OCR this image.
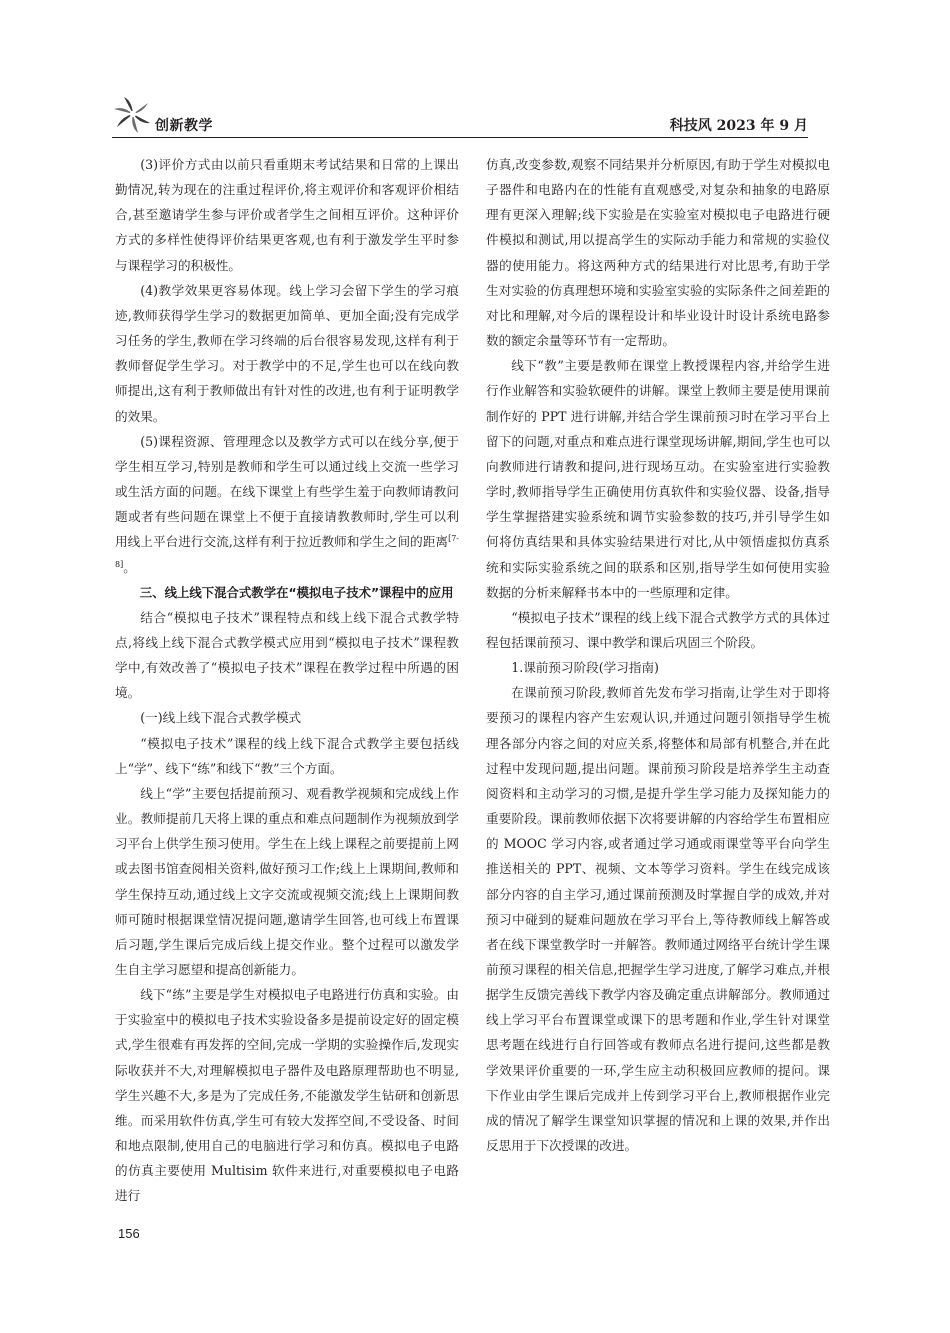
创新教学	科技风 2023 年 9 月

(3)评价方式由以前只看重期末考试结果和日常的上课出勤情况,转为现在的注重过程评价,将主观评价和客观评价相结合,甚至邀请学生参与评价或者学生之间相互评价。这种评价方式的多样性使得评价结果更客观,也有利于激发学生平时参与课程学习的积极性。

(4)教学效果更容易体现。线上学习会留下学生的学习痕迹,教师获得学生学习的数据更加简单、更加全面;没有完成学习任务的学生,教师在学习终端的后台很容易发现,这样有利于教师督促学生学习。对于教学中的不足,学生也可以在线向教师提出,这有利于教师做出有针对性的改进,也有利于证明教学的效果。

(5)课程资源、管理理念以及教学方式可以在线分享,便于学生相互学习,特别是教师和学生可以通过线上交流一些学习或生活方面的问题。在线下课堂上有些学生羞于向教师请教问题或者有些问题在课堂上不便于直接请教教师时,学生可以利用线上平台进行交流,这样有利于拉近教师和学生之间的距离[7-8]。

三、线上线下混合式教学在“模拟电子技术”课程中的应用

结合“模拟电子技术”课程特点和线上线下混合式教学特点,将线上线下混合式教学模式应用到“模拟电子技术”课程教学中,有效改善了“模拟电子技术”课程在教学过程中所遇的困境。

(一)线上线下混合式教学模式

“模拟电子技术”课程的线上线下混合式教学主要包括线上“学”、线下“练”和线下“教”三个方面。

线上“学”主要包括提前预习、观看教学视频和完成线上作业。教师提前几天将上课的重点和难点问题制作为视频放到学习平台上供学生预习使用。学生在上线上课程之前要提前上网或去图书馆查阅相关资料,做好预习工作;线上上课期间,教师和学生保持互动,通过线上文字交流或视频交流;线上上课期间教师可随时根据课堂情况提问题,邀请学生回答,也可线上布置课后习题,学生课后完成后线上提交作业。整个过程可以激发学生自主学习愿望和提高创新能力。

线下“练”主要是学生对模拟电子电路进行仿真和实验。由于实验室中的模拟电子技术实验设备多是提前设定好的固定模式,学生很难有再发挥的空间,完成一学期的实验操作后,发现实际收获并不大,对理解模拟电子器件及电路原理帮助也不明显,学生兴趣不大,多是为了完成任务,不能激发学生钻研和创新思维。而采用软件仿真,学生可有较大发挥空间,不受设备、时间和地点限制,使用自己的电脑进行学习和仿真。模拟电子电路的仿真主要使用 Multisim 软件来进行,对重要模拟电子电路进行

仿真,改变参数,观察不同结果并分析原因,有助于学生对模拟电子器件和电路内在的性能有直观感受,对复杂和抽象的电路原理有更深入理解;线下实验是在实验室对模拟电子电路进行硬件模拟和测试,用以提高学生的实际动手能力和常规的实验仪器的使用能力。将这两种方式的结果进行对比思考,有助于学生对实验的仿真理想环境和实验室实验的实际条件之间差距的对比和理解,对今后的课程设计和毕业设计时设计系统电路参数的额定余量等环节有一定帮助。

线下“教”主要是教师在课堂上教授课程内容,并给学生进行作业解答和实验软硬件的讲解。课堂上教师主要是使用课前制作好的 PPT 进行讲解,并结合学生课前预习时在学习平台上留下的问题,对重点和难点进行课堂现场讲解,期间,学生也可以向教师进行请教和提问,进行现场互动。在实验室进行实验教学时,教师指导学生正确使用仿真软件和实验仪器、设备,指导学生掌握搭建实验系统和调节实验参数的技巧,并引导学生如何将仿真结果和具体实验结果进行对比,从中领悟虚拟仿真系统和实际实验系统之间的联系和区别,指导学生如何使用实验数据的分析来解释书本中的一些原理和定律。

“模拟电子技术”课程的线上线下混合式教学方式的具体过程包括课前预习、课中教学和课后巩固三个阶段。

1.课前预习阶段(学习指南)

在课前预习阶段,教师首先发布学习指南,让学生对于即将要预习的课程内容产生宏观认识,并通过问题引领指导学生梳理各部分内容之间的对应关系,将整体和局部有机整合,并在此过程中发现问题,提出问题。课前预习阶段是培养学生主动查阅资料和主动学习的习惯,是提升学生学习能力及探知能力的重要阶段。课前教师依据下次将要讲解的内容给学生布置相应的 MOOC 学习内容,或者通过学习通或雨课堂等平台向学生推送相关的 PPT、视频、文本等学习资料。学生在线完成该部分内容的自主学习,通过课前预测及时掌握自学的成效,并对预习中碰到的疑难问题放在学习平台上,等待教师线上解答或者在线下课堂教学时一并解答。教师通过网络平台统计学生课前预习课程的相关信息,把握学生学习进度,了解学习难点,并根据学生反馈完善线下教学内容及确定重点讲解部分。教师通过线上学习平台布置课堂或课下的思考题和作业,学生针对课堂思考题在线进行自行回答或有教师点名进行提问,这些都是教学效果评价重要的一环,学生应主动积极回应教师的提问。课下作业由学生课后完成并上传到学习平台上,教师根据作业完成的情况了解学生课堂知识掌握的情况和上课的效果,并作出反思用于下次授课的改进。

156
